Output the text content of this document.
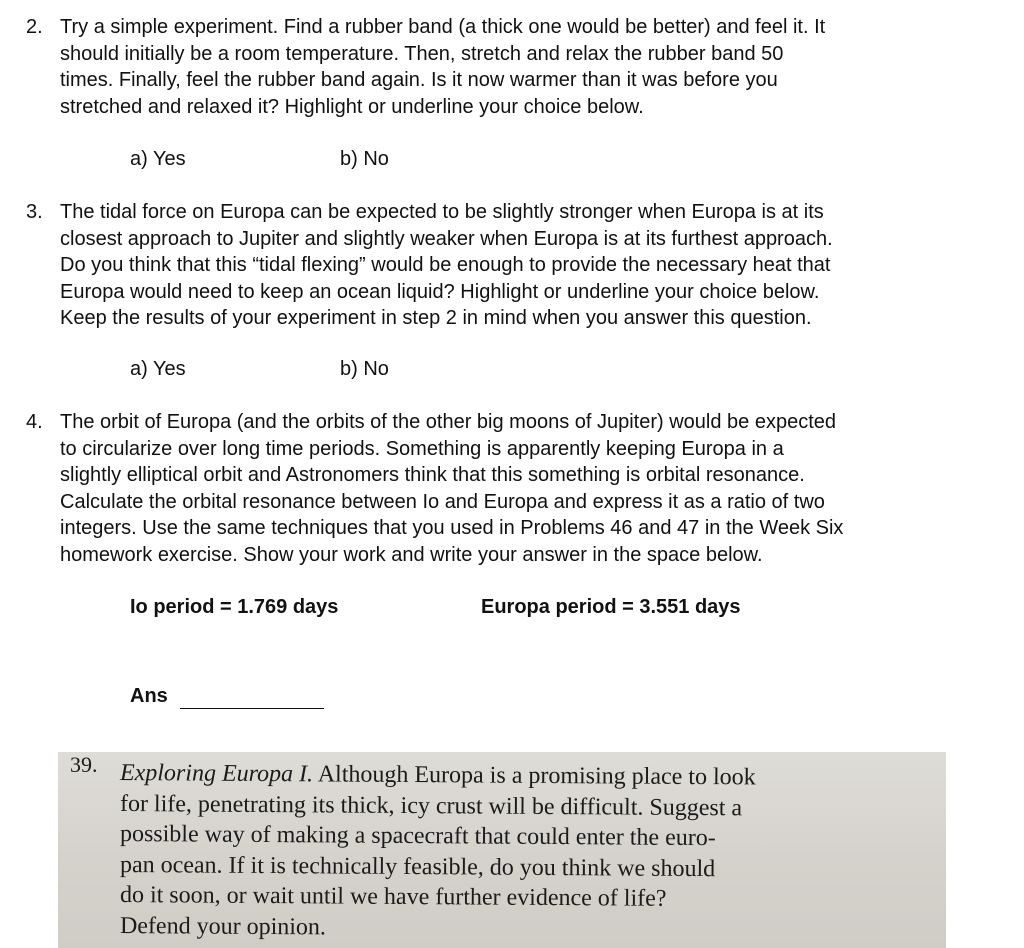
2. Try a simple experiment. Find a rubber band (a thick one would be better) and feel it. It
should initially be a room temperature. Then, stretch and relax the rubber band 50
times. Finally, feel the rubber band again. Is it now warmer than it was before you
stretched and relaxed it? Highlight or underline your choice below.
a) Yes	b) No
3. The tidal force on Europa can be expected to be slightly stronger when Europa is at its
closest approach to Jupiter and slightly weaker when Europa is at its furthest approach.
Do you think that this “tidal flexing” would be enough to provide the necessary heat that
Europa would need to keep an ocean liquid? Highlight or underline your choice below.
Keep the results of your experiment in step 2 in mind when you answer this question.
a) Yes	b) No
4. The orbit of Europa (and the orbits of the other big moons of Jupiter) would be expected
to circularize over long time periods. Something is apparently keeping Europa in a
slightly elliptical orbit and Astronomers think that this something is orbital resonance.
Calculate the orbital resonance between Io and Europa and express it as a ratio of two
integers. Use the same techniques that you used in Problems 46 and 47 in the Week Six
homework exercise. Show your work and write your answer in the space below.
Io period = 1.769 days	Europa period = 3.551 days
Ans
39. Exploring Europa I. Although Europa is a promising place to look
for life, penetrating its thick, icy crust will be difficult. Suggest a
possible way of making a spacecraft that could enter the euro-
pan ocean. If it is technically feasible, do you think we should
do it soon, or wait until we have further evidence of life?
Defend your opinion.
